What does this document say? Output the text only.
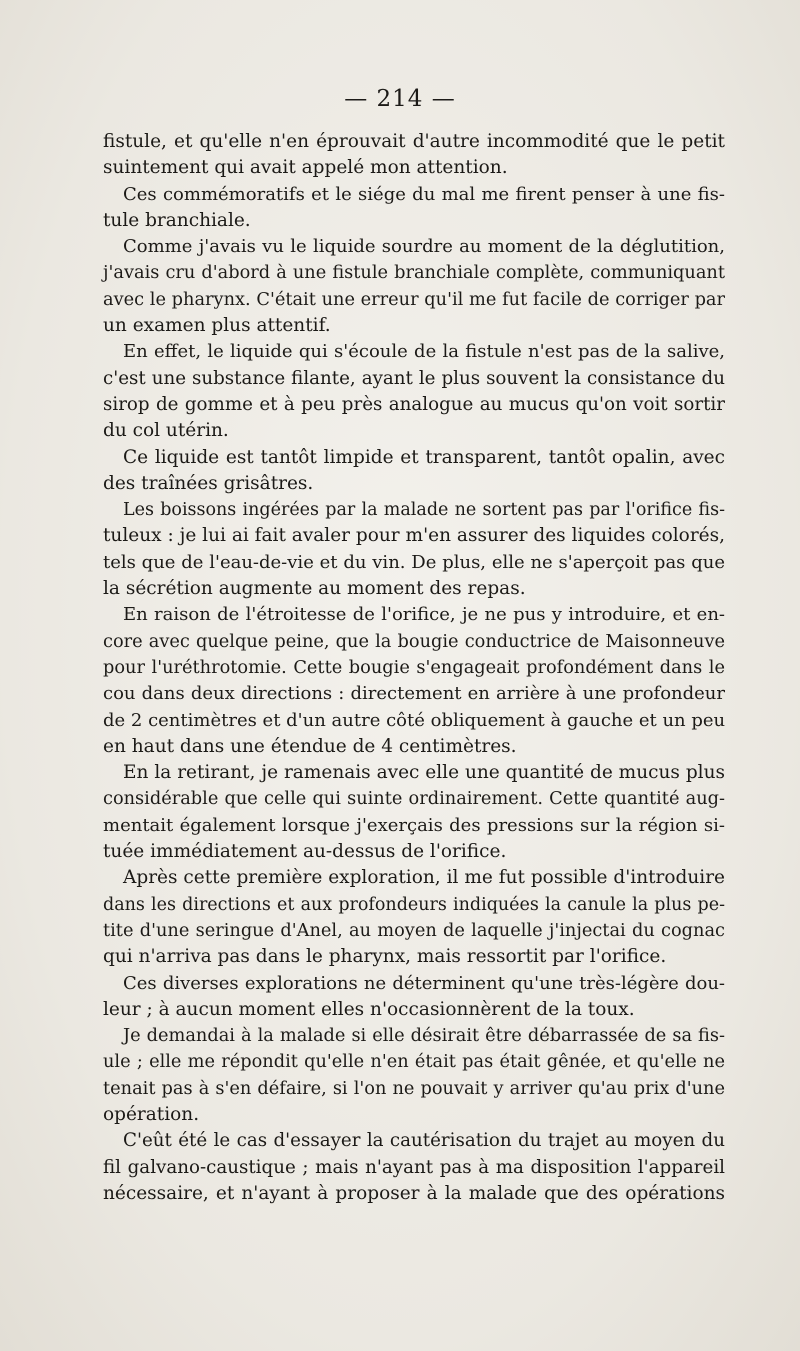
— 214 —
fistule, et qu'elle n'en éprouvait d'autre incommodité que le petit
suintement qui avait appelé mon attention.
Ces commémoratifs et le siége du mal me firent penser à une fis-
tule branchiale.
Comme j'avais vu le liquide sourdre au moment de la déglutition,
j'avais cru d'abord à une fistule branchiale complète, communiquant
avec le pharynx. C'était une erreur qu'il me fut facile de corriger par
un examen plus attentif.
En effet, le liquide qui s'écoule de la fistule n'est pas de la salive,
c'est une substance filante, ayant le plus souvent la consistance du
sirop de gomme et à peu près analogue au mucus qu'on voit sortir
du col utérin.
Ce liquide est tantôt limpide et transparent, tantôt opalin, avec
des traînées grisâtres.
Les boissons ingérées par la malade ne sortent pas par l'orifice fis-
tuleux : je lui ai fait avaler pour m'en assurer des liquides colorés,
tels que de l'eau-de-vie et du vin. De plus, elle ne s'aperçoit pas que
la sécrétion augmente au moment des repas.
En raison de l'étroitesse de l'orifice, je ne pus y introduire, et en-
core avec quelque peine, que la bougie conductrice de Maisonneuve
pour l'uréthrotomie. Cette bougie s'engageait profondément dans le
cou dans deux directions : directement en arrière à une profondeur
de 2 centimètres et d'un autre côté obliquement à gauche et un peu
en haut dans une étendue de 4 centimètres.
En la retirant, je ramenais avec elle une quantité de mucus plus
considérable que celle qui suinte ordinairement. Cette quantité aug-
mentait également lorsque j'exerçais des pressions sur la région si-
tuée immédiatement au-dessus de l'orifice.
Après cette première exploration, il me fut possible d'introduire
dans les directions et aux profondeurs indiquées la canule la plus pe-
tite d'une seringue d'Anel, au moyen de laquelle j'injectai du cognac
qui n'arriva pas dans le pharynx, mais ressortit par l'orifice.
Ces diverses explorations ne déterminent qu'une très-légère dou-
leur ; à aucun moment elles n'occasionnèrent de la toux.
Je demandai à la malade si elle désirait être débarrassée de sa fis-
ule ; elle me répondit qu'elle n'en était pas était gênée, et qu'elle ne
tenait pas à s'en défaire, si l'on ne pouvait y arriver qu'au prix d'une
opération.
C'eût été le cas d'essayer la cautérisation du trajet au moyen du
fil galvano-caustique ; mais n'ayant pas à ma disposition l'appareil
nécessaire, et n'ayant à proposer à la malade que des opérations
